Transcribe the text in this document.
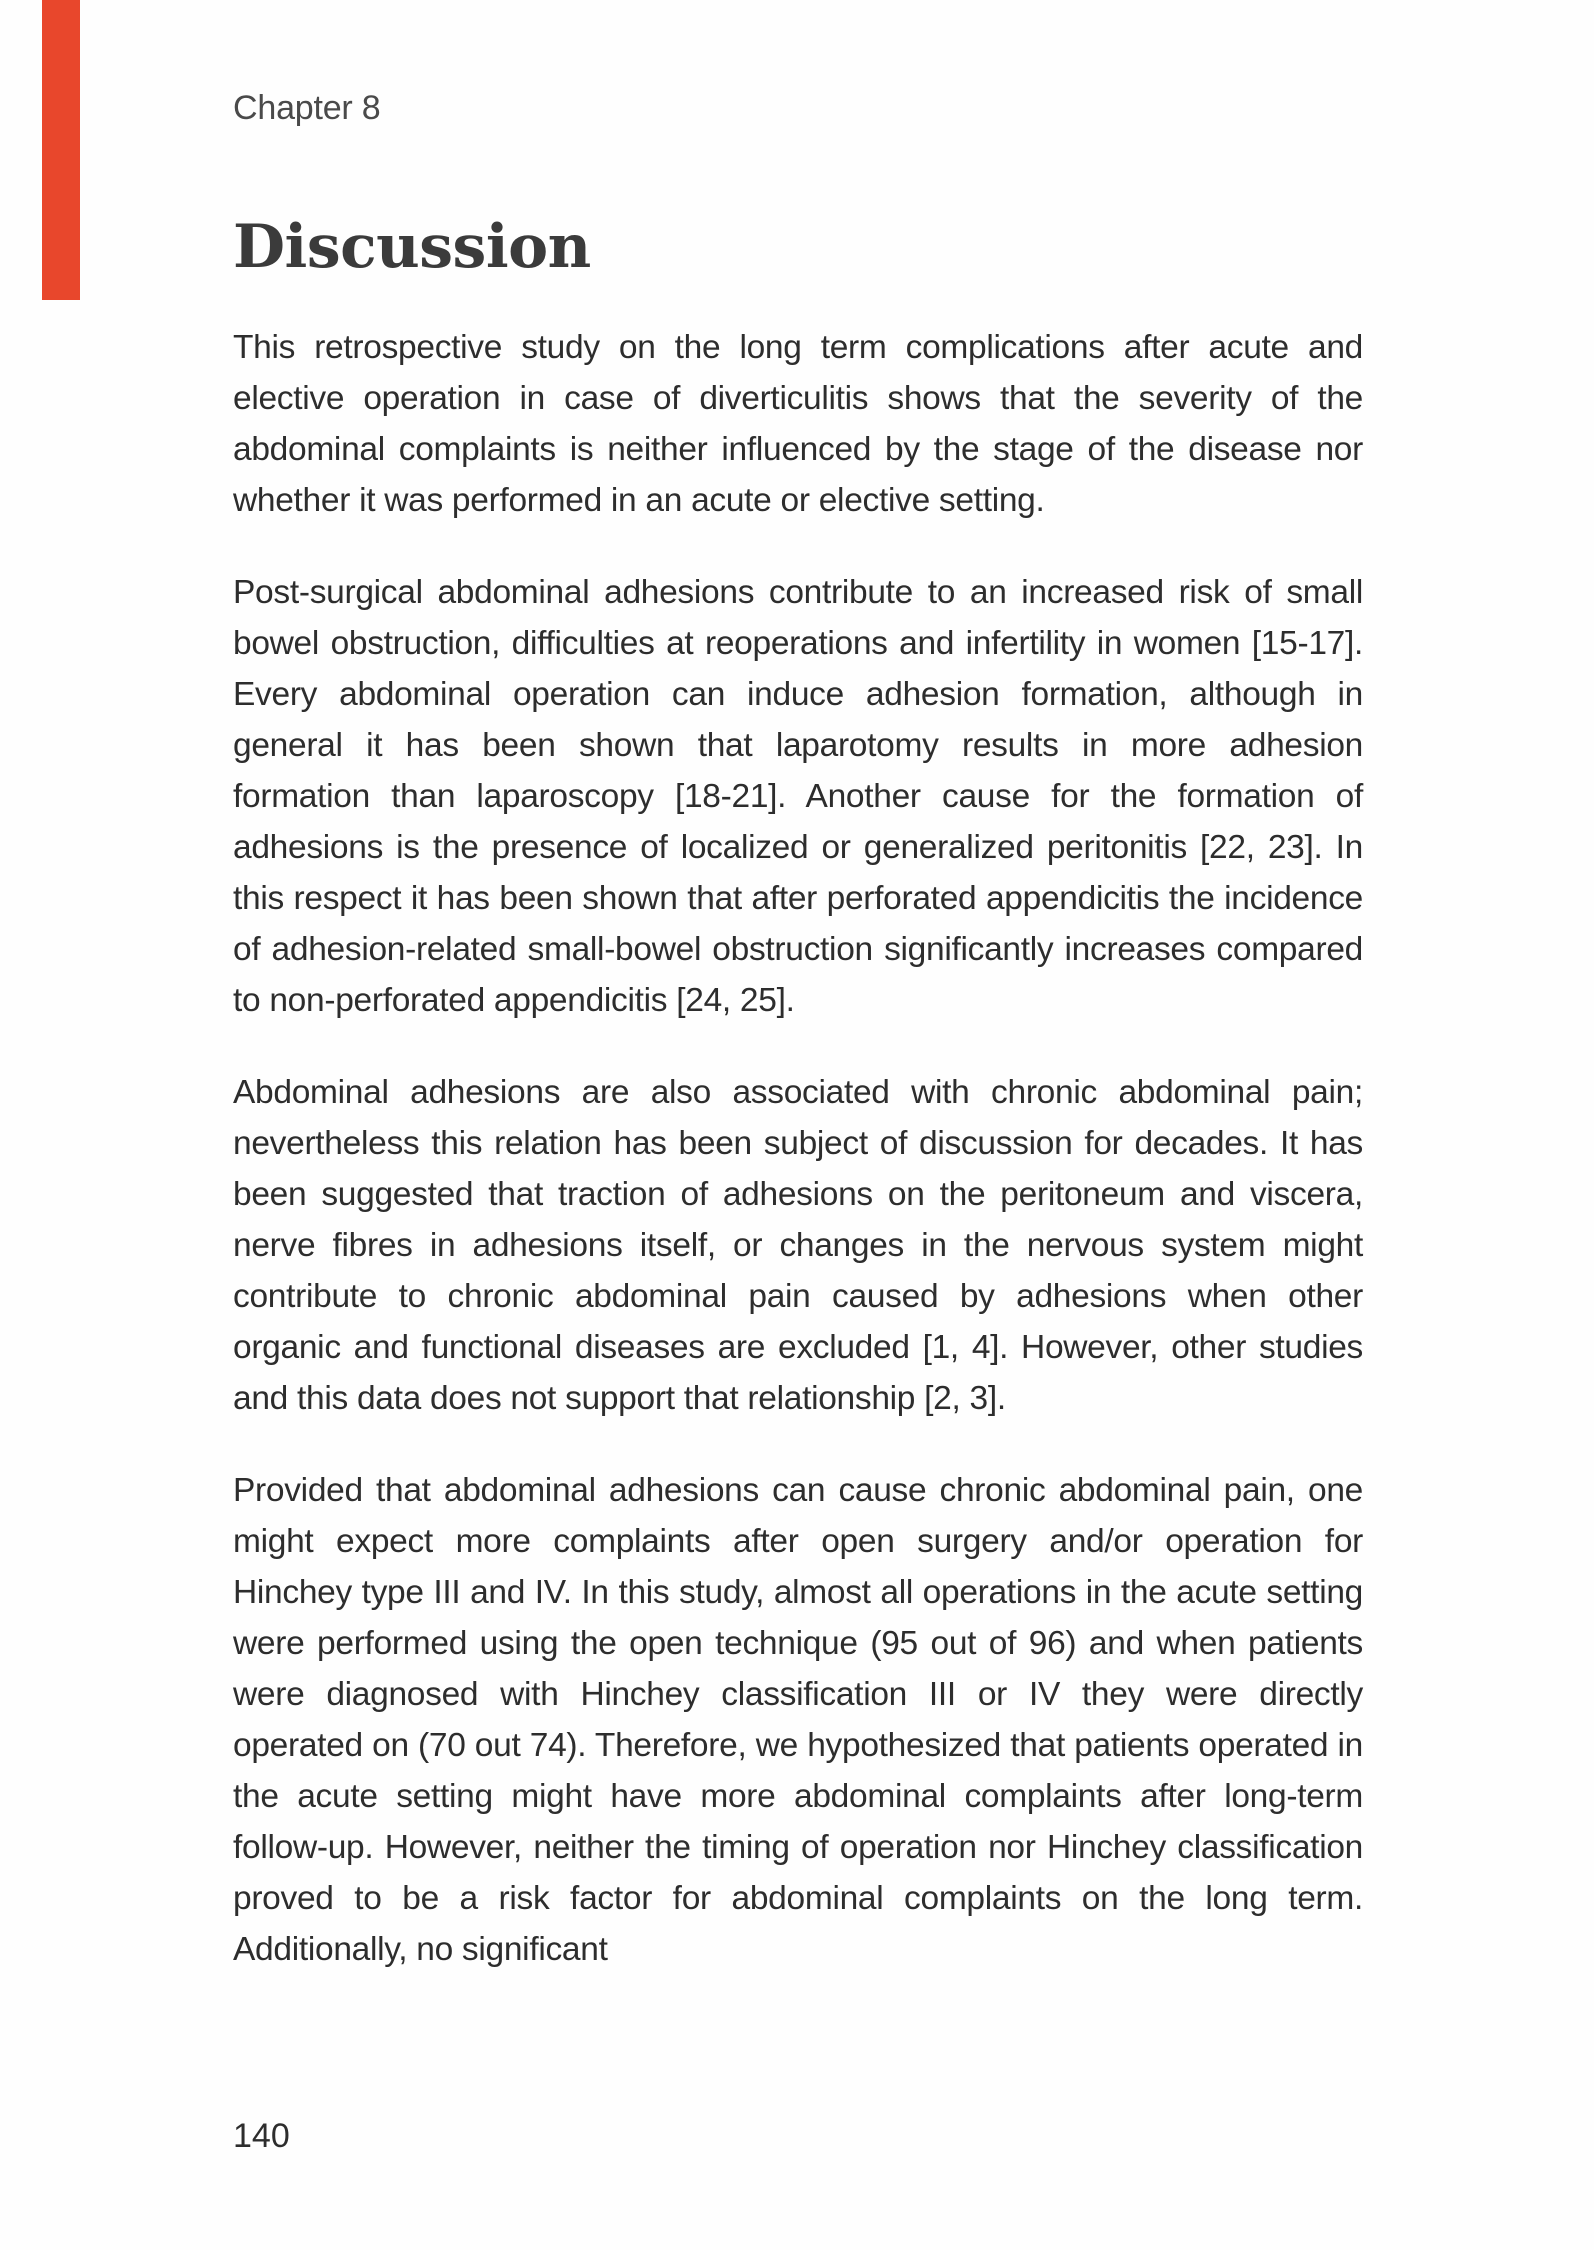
Chapter 8
Discussion

This retrospective study on the long term complications after acute and elective operation in case of diverticulitis shows that the severity of the abdominal complaints is neither influenced by the stage of the disease nor whether it was performed in an acute or elective setting.

Post-surgical abdominal adhesions contribute to an increased risk of small bowel obstruction, difficulties at reoperations and infertility in women [15-17]. Every abdominal operation can induce adhesion formation, although in general it has been shown that laparotomy results in more adhesion formation than laparoscopy [18-21]. Another cause for the formation of adhesions is the presence of localized or generalized peritonitis [22, 23]. In this respect it has been shown that after perforated appendicitis the incidence of adhesion-related small-bowel obstruction significantly increases compared to non-perforated appendicitis [24, 25].

Abdominal adhesions are also associated with chronic abdominal pain; nevertheless this relation has been subject of discussion for decades. It has been suggested that traction of adhesions on the peritoneum and viscera, nerve fibres in adhesions itself, or changes in the nervous system might contribute to chronic abdominal pain caused by adhesions when other organic and functional diseases are excluded [1, 4]. However, other studies and this data does not support that relationship [2, 3].

Provided that abdominal adhesions can cause chronic abdominal pain, one might expect more complaints after open surgery and/or operation for Hinchey type III and IV. In this study, almost all operations in the acute setting were performed using the open technique (95 out of 96) and when patients were diagnosed with Hinchey classification III or IV they were directly operated on (70 out 74). Therefore, we hypothesized that patients operated in the acute setting might have more abdominal complaints after long-term follow-up. However, neither the timing of operation nor Hinchey classification proved to be a risk factor for abdominal complaints on the long term. Additionally, no significant

140
